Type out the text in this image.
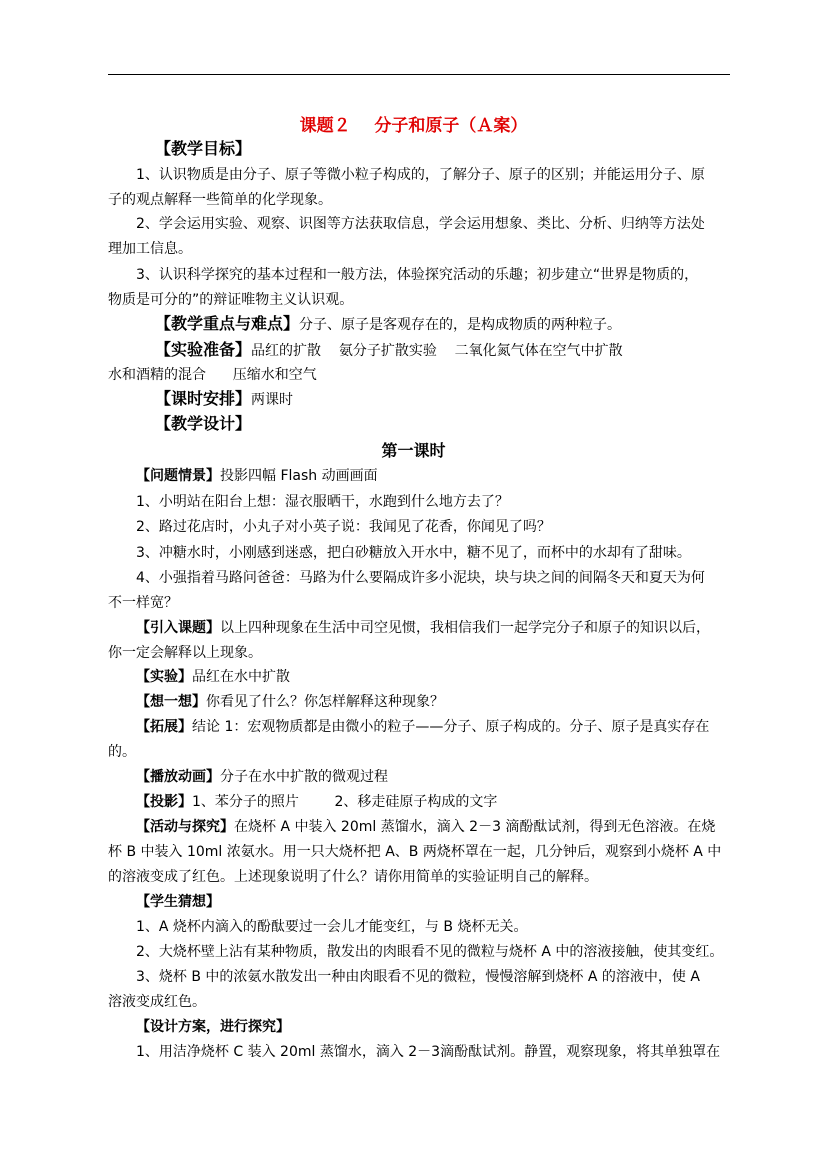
课题２    分子和原子（Ａ案）
【教学目标】
1、认识物质是由分子、原子等微小粒子构成的，了解分子、原子的区别；并能运用分子、原
子的观点解释一些简单的化学现象。
2、学会运用实验、观察、识图等方法获取信息，学会运用想象、类比、分析、归纳等方法处
理加工信息。
3、认识科学探究的基本过程和一般方法，体验探究活动的乐趣；初步建立“世界是物质的，
物质是可分的”的辩证唯物主义认识观。
【教学重点与难点】分子、原子是客观存在的，是构成物质的两种粒子。
【实验准备】品红的扩散    氨分子扩散实验    二氧化氮气体在空气中扩散
水和酒精的混合      压缩水和空气
【课时安排】两课时
【教学设计】
第一课时
【问题情景】投影四幅 Flash 动画画面
1、小明站在阳台上想：湿衣服晒干，水跑到什么地方去了？
2、路过花店时，小丸子对小英子说：我闻见了花香，你闻见了吗？
3、冲糖水时，小刚感到迷惑，把白砂糖放入开水中，糖不见了，而杯中的水却有了甜味。
4、小强指着马路问爸爸：马路为什么要隔成许多小泥块，块与块之间的间隔冬天和夏天为何
不一样宽？
【引入课题】以上四种现象在生活中司空见惯，我相信我们一起学完分子和原子的知识以后，
你一定会解释以上现象。
【实验】品红在水中扩散
【想一想】你看见了什么？你怎样解释这种现象？
【拓展】结论 1：宏观物质都是由微小的粒子——分子、原子构成的。分子、原子是真实存在
的。
【播放动画】分子在水中扩散的微观过程
【投影】1、苯分子的照片        2、移走硅原子构成的文字
【活动与探究】在烧杯 A 中装入 20ml 蒸馏水，滴入 2－3 滴酚酞试剂，得到无色溶液。在烧
杯 B 中装入 10ml 浓氨水。用一只大烧杯把 A、B 两烧杯罩在一起，几分钟后，观察到小烧杯 A 中
的溶液变成了红色。上述现象说明了什么？请你用简单的实验证明自己的解释。
【学生猜想】
1、A 烧杯内滴入的酚酞要过一会儿才能变红，与 B 烧杯无关。
2、大烧杯壁上沾有某种物质，散发出的肉眼看不见的微粒与烧杯 A 中的溶液接触，使其变红。
3、烧杯 B 中的浓氨水散发出一种由肉眼看不见的微粒，慢慢溶解到烧杯 A 的溶液中，使 A
溶液变成红色。
【设计方案，进行探究】
1、用洁净烧杯 C 装入 20ml 蒸馏水，滴入 2－3滴酚酞试剂。静置，观察现象，将其单独罩在
